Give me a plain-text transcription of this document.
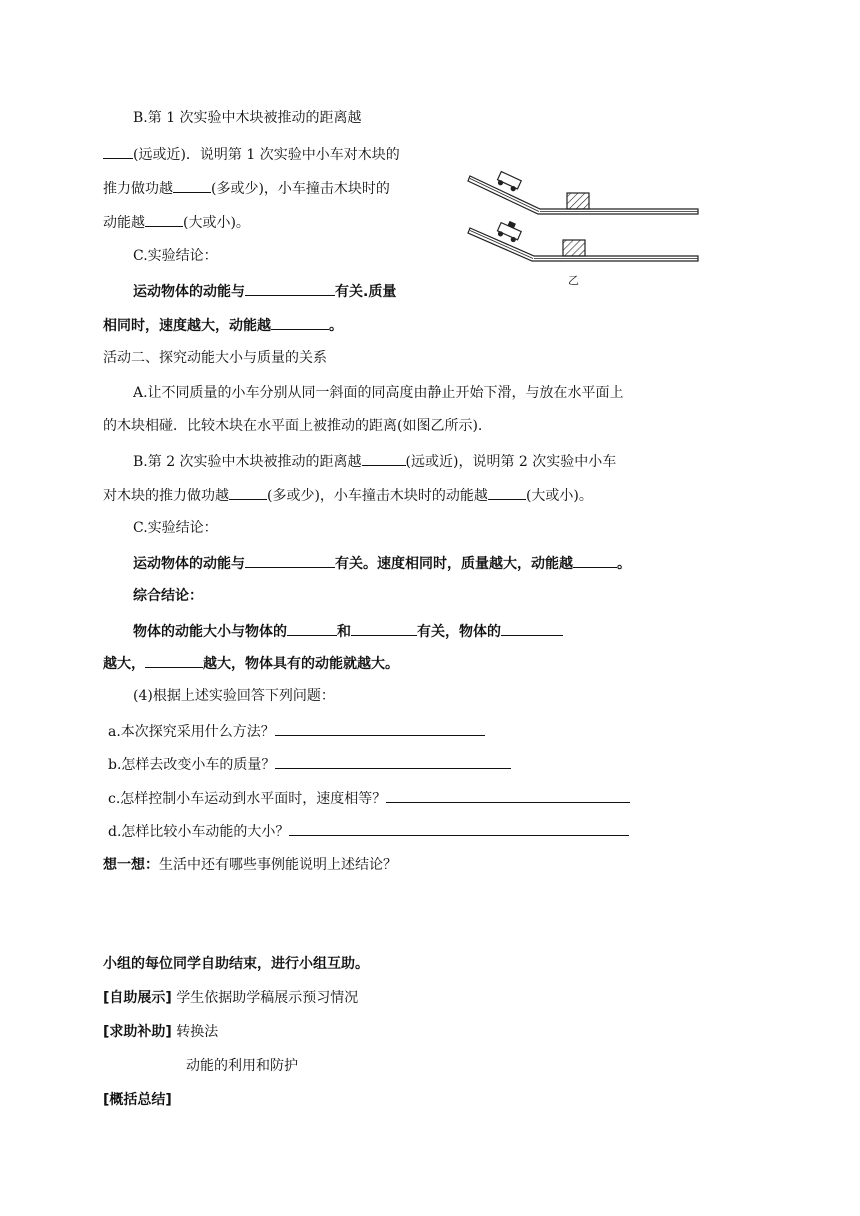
B.第 1 次实验中木块被推动的距离越
(远或近)．说明第 1 次实验中小车对木块的
推力做功越	(多或少)，小车撞击木块时的
动能越	(大或小)。
C.实验结论：
运动物体的动能与	有关.质量
相同时，速度越大，动能越	。
乙
活动二、探究动能大小与质量的关系
A.让不同质量的小车分别从同一斜面的同高度由静止开始下滑，与放在水平面上
的木块相碰．比较木块在水平面上被推动的距离(如图乙所示).
B.第 2 次实验中木块被推动的距离越	(远或近)，说明第 2 次实验中小车
对木块的推力做功越	(多或少)，小车撞击木块时的动能越	(大或小)。
C.实验结论：
运动物体的动能与	有关。速度相同时，质量越大，动能越	。
综合结论：
物体的动能大小与物体的	和	有关，物体的
越大，	越大，物体具有的动能就越大。
(4)根据上述实验回答下列问题：
a.本次探究采用什么方法？
b.怎样去改变小车的质量？
c.怎样控制小车运动到水平面时，速度相等？
d.怎样比较小车动能的大小？
想一想：生活中还有哪些事例能说明上述结论？
小组的每位同学自助结束，进行小组互助。
[自助展示] 学生依据助学稿展示预习情况
[求助补助] 转换法
动能的利用和防护
[概括总结]
